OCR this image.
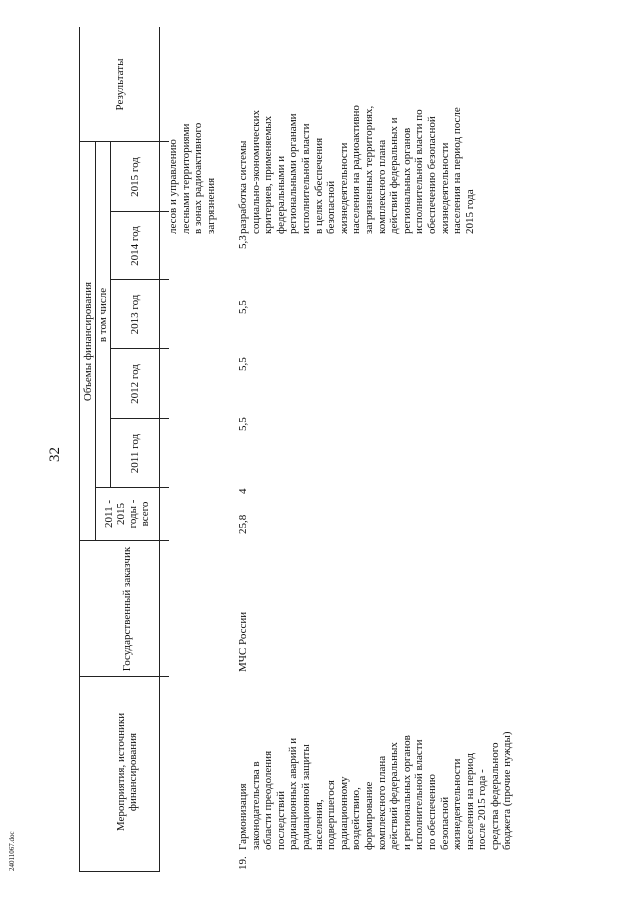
32
Мероприятия, источники финансирования
Государственный заказчик
Объемы финансирования
2011 - 2015 годы - всего
в том числе
2011 год
2012 год
2013 год
2014 год
2015 год
Результаты
лесов и управлению лесными территориями в зонах радиоактивного загрязнения
19.
Гармонизация законодательства в области преодоления последствий радиационных аварий и радиационной защиты населения, подвергшегося радиационному воздействию, формирование комплексного плана действий федеральных и региональных органов исполнительной власти по обеспечению безопасной жизнедеятельности населения на период после 2015 года - средства федерального бюджета (прочие нужды)
МЧС России
25,8
4
5,5
5,5
5,5
5,3
разработка системы социально-экономических критериев, применяемых федеральными и региональными органами исполнительной власти в целях обеспечения безопасной жизнедеятельности населения на радиоактивно загрязненных территориях, комплексного плана действий федеральных и региональных органов исполнительной власти по обеспечению безопасной жизнедеятельности населения на период после 2015 года
24011067.doc
